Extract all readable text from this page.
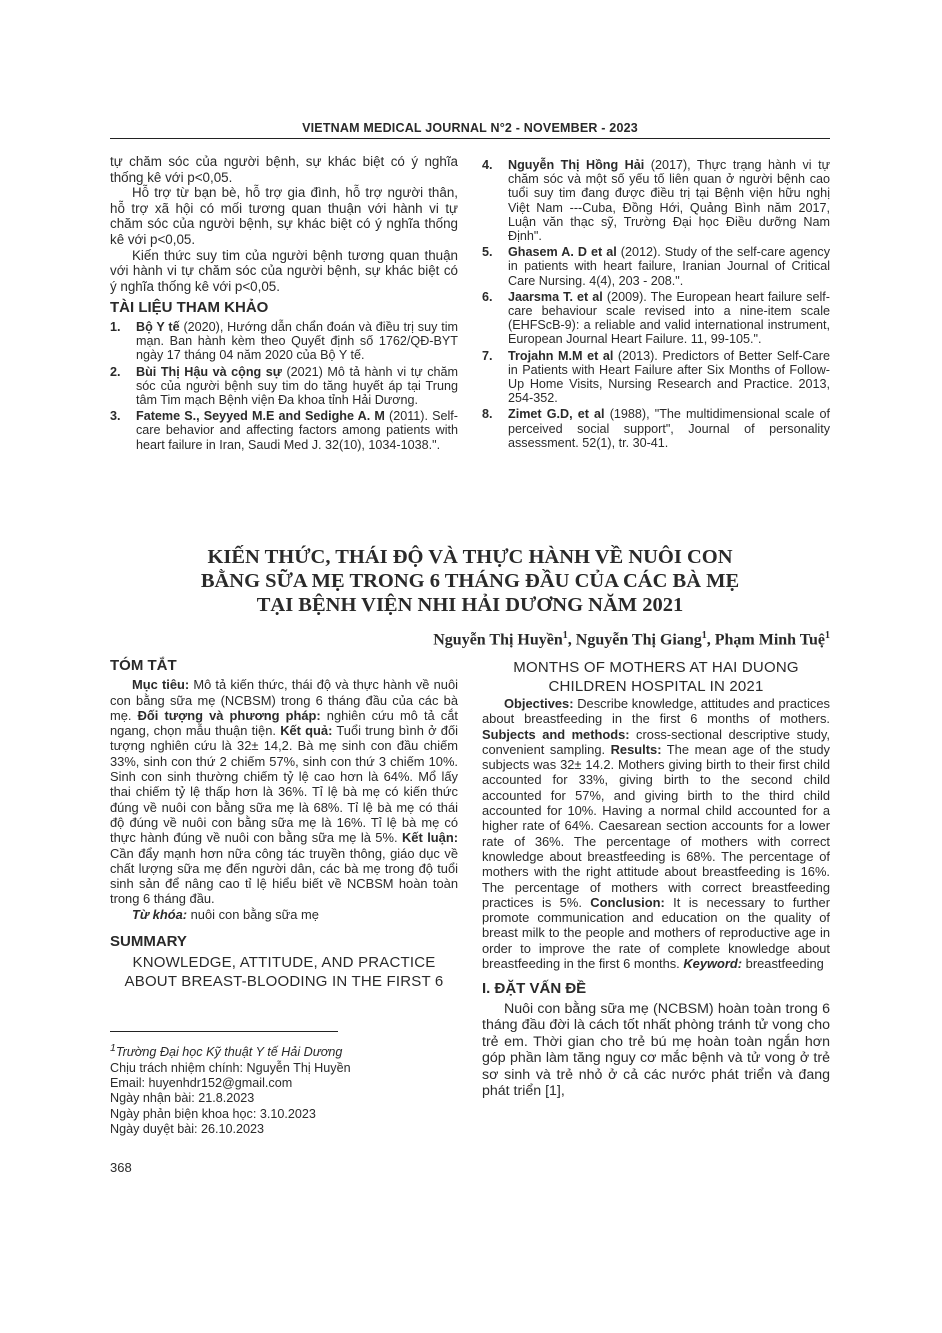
VIETNAM MEDICAL JOURNAL N°2 - NOVEMBER - 2023

tự chăm sóc của người bệnh, sự khác biệt có ý nghĩa thống kê với p<0,05.

Hỗ trợ từ bạn bè, hỗ trợ gia đình, hỗ trợ người thân, hỗ trợ xã hội có mối tương quan thuận với hành vi tự chăm sóc của người bệnh, sự khác biệt có ý nghĩa thống kê với p<0,05.

Kiến thức suy tim của người bệnh tương quan thuận với hành vi tự chăm sóc của người bệnh, sự khác biệt có ý nghĩa thống kê với p<0,05.

TÀI LIỆU THAM KHẢO

1.	Bộ Y tế (2020), Hướng dẫn chẩn đoán và điều trị suy tim mạn. Ban hành kèm theo Quyết định số 1762/QĐ-BYT ngày 17 tháng 04 năm 2020 của Bộ Y tế.
2.	Bùi Thị Hậu và cộng sự (2021) Mô tả hành vi tự chăm sóc của người bệnh suy tim do tăng huyết áp tại Trung tâm Tim mạch Bệnh viện Đa khoa tỉnh Hải Dương.
3.	Fateme S., Seyyed M.E and Sedighe A. M (2011). Self-care behavior and affecting factors among patients with heart failure in Iran, Saudi Med J. 32(10), 1034-1038.".
4.	Nguyễn Thị Hồng Hải (2017), Thực trạng hành vi tự chăm sóc và một số yếu tố liên quan ở người bệnh cao tuổi suy tim đang được điều trị tại Bệnh viện hữu nghị Việt Nam ---Cuba, Đồng Hới, Quảng Bình năm 2017, Luận văn thạc sỹ, Trường Đại học Điều dưỡng Nam Định".
5.	Ghasem A. D et al (2012). Study of the self-care agency in patients with heart failure, Iranian Journal of Critical Care Nursing. 4(4), 203 - 208.".
6.	Jaarsma T. et al (2009). The European heart failure self-care behaviour scale revised into a nine-item scale (EHFScB-9): a reliable and valid international instrument, European Journal Heart Failure. 11, 99-105.".
7.	Trojahn M.M et al (2013). Predictors of Better Self-Care in Patients with Heart Failure after Six Months of Follow-Up Home Visits, Nursing Research and Practice. 2013, 254-352.
8.	Zimet G.D, et al (1988), "The multidimensional scale of perceived social support", Journal of personality assessment. 52(1), tr. 30-41.
KIẾN THỨC, THÁI ĐỘ VÀ THỰC HÀNH VỀ NUÔI CON
BẰNG SỮA MẸ TRONG 6 THÁNG ĐẦU CỦA CÁC BÀ MẸ
TẠI BỆNH VIỆN NHI HẢI DƯƠNG NĂM 2021
Nguyễn Thị Huyền$^1$, Nguyễn Thị Giang$^1$, Phạm Minh Tuệ$^1$

TÓM TẮT

Mục tiêu: Mô tả kiến thức, thái độ và thực hành về nuôi con bằng sữa mẹ (NCBSM) trong 6 tháng đầu của các bà mẹ. Đối tượng và phương pháp: nghiên cứu mô tả cắt ngang, chọn mẫu thuận tiện. Kết quả: Tuổi trung bình ở đối tượng nghiên cứu là 32± 14,2. Bà mẹ sinh con đầu chiếm 33%, sinh con thứ 2 chiếm 57%, sinh con thứ 3 chiếm 10%. Sinh con sinh thường chiếm tỷ lệ cao hơn là 64%. Mổ lấy thai chiếm tỷ lệ thấp hơn là 36%. Tỉ lệ bà mẹ có kiến thức đúng về nuôi con bằng sữa mẹ là 68%. Tỉ lệ bà mẹ có thái độ đúng về nuôi con bằng sữa mẹ là 16%. Tỉ lệ bà mẹ có thực hành đúng về nuôi con bằng sữa mẹ là 5%. Kết luận: Cần đẩy mạnh hơn nữa công tác truyền thông, giáo dục về chất lượng sữa mẹ đến người dân, các bà mẹ trong độ tuổi sinh sản để nâng cao tỉ lệ hiểu biết về NCBSM hoàn toàn trong 6 tháng đầu.

Từ khóa: nuôi con bằng sữa mẹ

SUMMARY

KNOWLEDGE, ATTITUDE, AND PRACTICE
ABOUT BREAST-BLOODING IN THE FIRST 6
MONTHS OF MOTHERS AT HAI DUONG
CHILDREN HOSPITAL IN 2021

Objectives: Describe knowledge, attitudes and practices about breastfeeding in the first 6 months of mothers. Subjects and methods: cross-sectional descriptive study, convenient sampling. Results: The mean age of the study subjects was 32± 14.2. Mothers giving birth to their first child accounted for 33%, giving birth to the second child accounted for 57%, and giving birth to the third child accounted for 10%. Having a normal child accounted for a higher rate of 64%. Caesarean section accounts for a lower rate of 36%. The percentage of mothers with correct knowledge about breastfeeding is 68%. The percentage of mothers with the right attitude about breastfeeding is 16%. The percentage of mothers with correct breastfeeding practices is 5%. Conclusion: It is necessary to further promote communication and education on the quality of breast milk to the people and mothers of reproductive age in order to improve the rate of complete knowledge about breastfeeding in the first 6 months. Keyword: breastfeeding

I. ĐẶT VẤN ĐỀ

Nuôi con bằng sữa mẹ (NCBSM) hoàn toàn trong 6 tháng đầu đời là cách tốt nhất phòng tránh tử vong cho trẻ em. Thời gian cho trẻ bú mẹ hoàn toàn ngắn hơn góp phần làm tăng nguy cơ mắc bệnh và tử vong ở trẻ sơ sinh và trẻ nhỏ ở cả các nước phát triển và đang phát triển [1],

$^1$Trường Đại học Kỹ thuật Y tế Hải Dương
Chịu trách nhiệm chính: Nguyễn Thị Huyền
Email: huyenhdr152@gmail.com
Ngày nhận bài: 21.8.2023
Ngày phản biện khoa học: 3.10.2023
Ngày duyệt bài: 26.10.2023
368
